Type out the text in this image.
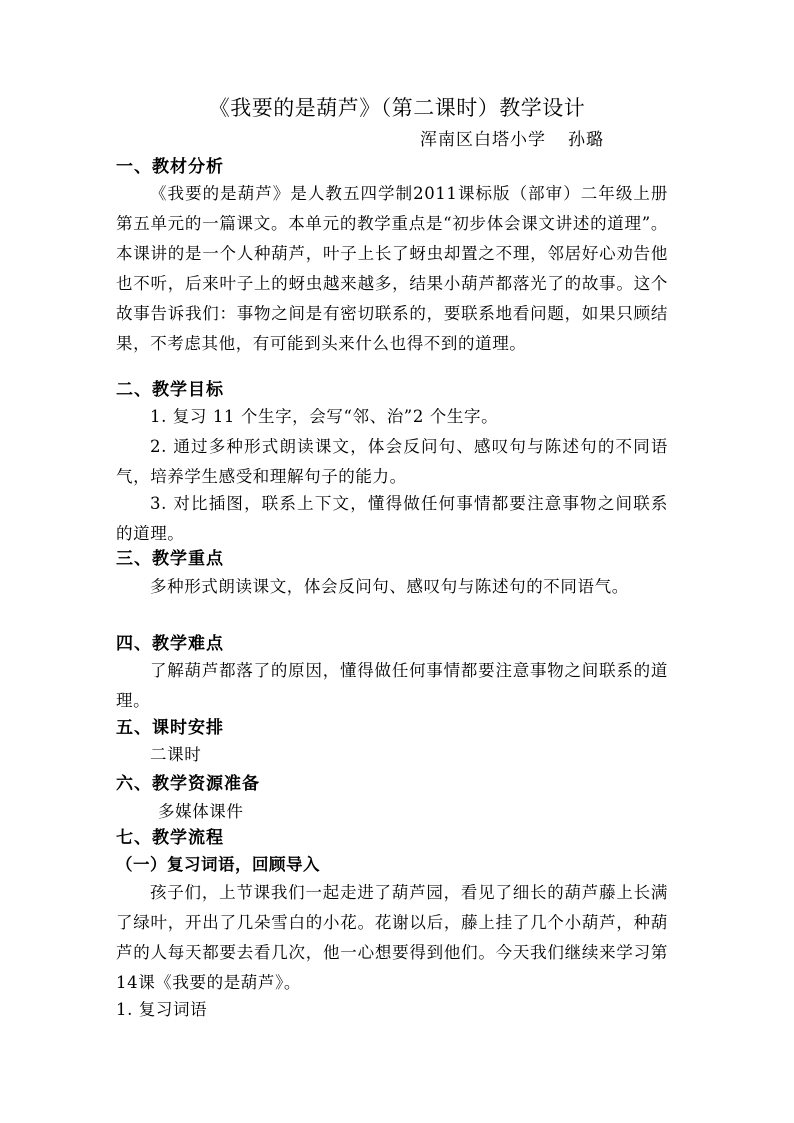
《我要的是葫芦》（第二课时）教学设计
浑南区白塔小学 孙璐
一、教材分析
《我要的是葫芦》是人教五四学制2011课标版（部审）二年级上册第五单元的一篇课文。本单元的教学重点是“初步体会课文讲述的道理”。本课讲的是一个人种葫芦，叶子上长了蚜虫却置之不理，邻居好心劝告他也不听，后来叶子上的蚜虫越来越多，结果小葫芦都落光了的故事。这个故事告诉我们：事物之间是有密切联系的，要联系地看问题，如果只顾结果，不考虑其他，有可能到头来什么也得不到的道理。
二、教学目标
1. 复习 11 个生字，会写“邻、治”2 个生字。
2. 通过多种形式朗读课文，体会反问句、感叹句与陈述句的不同语气，培养学生感受和理解句子的能力。
3. 对比插图，联系上下文，懂得做任何事情都要注意事物之间联系的道理。
三、教学重点
多种形式朗读课文，体会反问句、感叹句与陈述句的不同语气。
四、教学难点
了解葫芦都落了的原因，懂得做任何事情都要注意事物之间联系的道理。
五、课时安排
二课时
六、教学资源准备
多媒体课件
七、教学流程
（一）复习词语，回顾导入
孩子们，上节课我们一起走进了葫芦园，看见了细长的葫芦藤上长满了绿叶，开出了几朵雪白的小花。花谢以后，藤上挂了几个小葫芦，种葫芦的人每天都要去看几次，他一心想要得到他们。今天我们继续来学习第14课《我要的是葫芦》。
1. 复习词语
